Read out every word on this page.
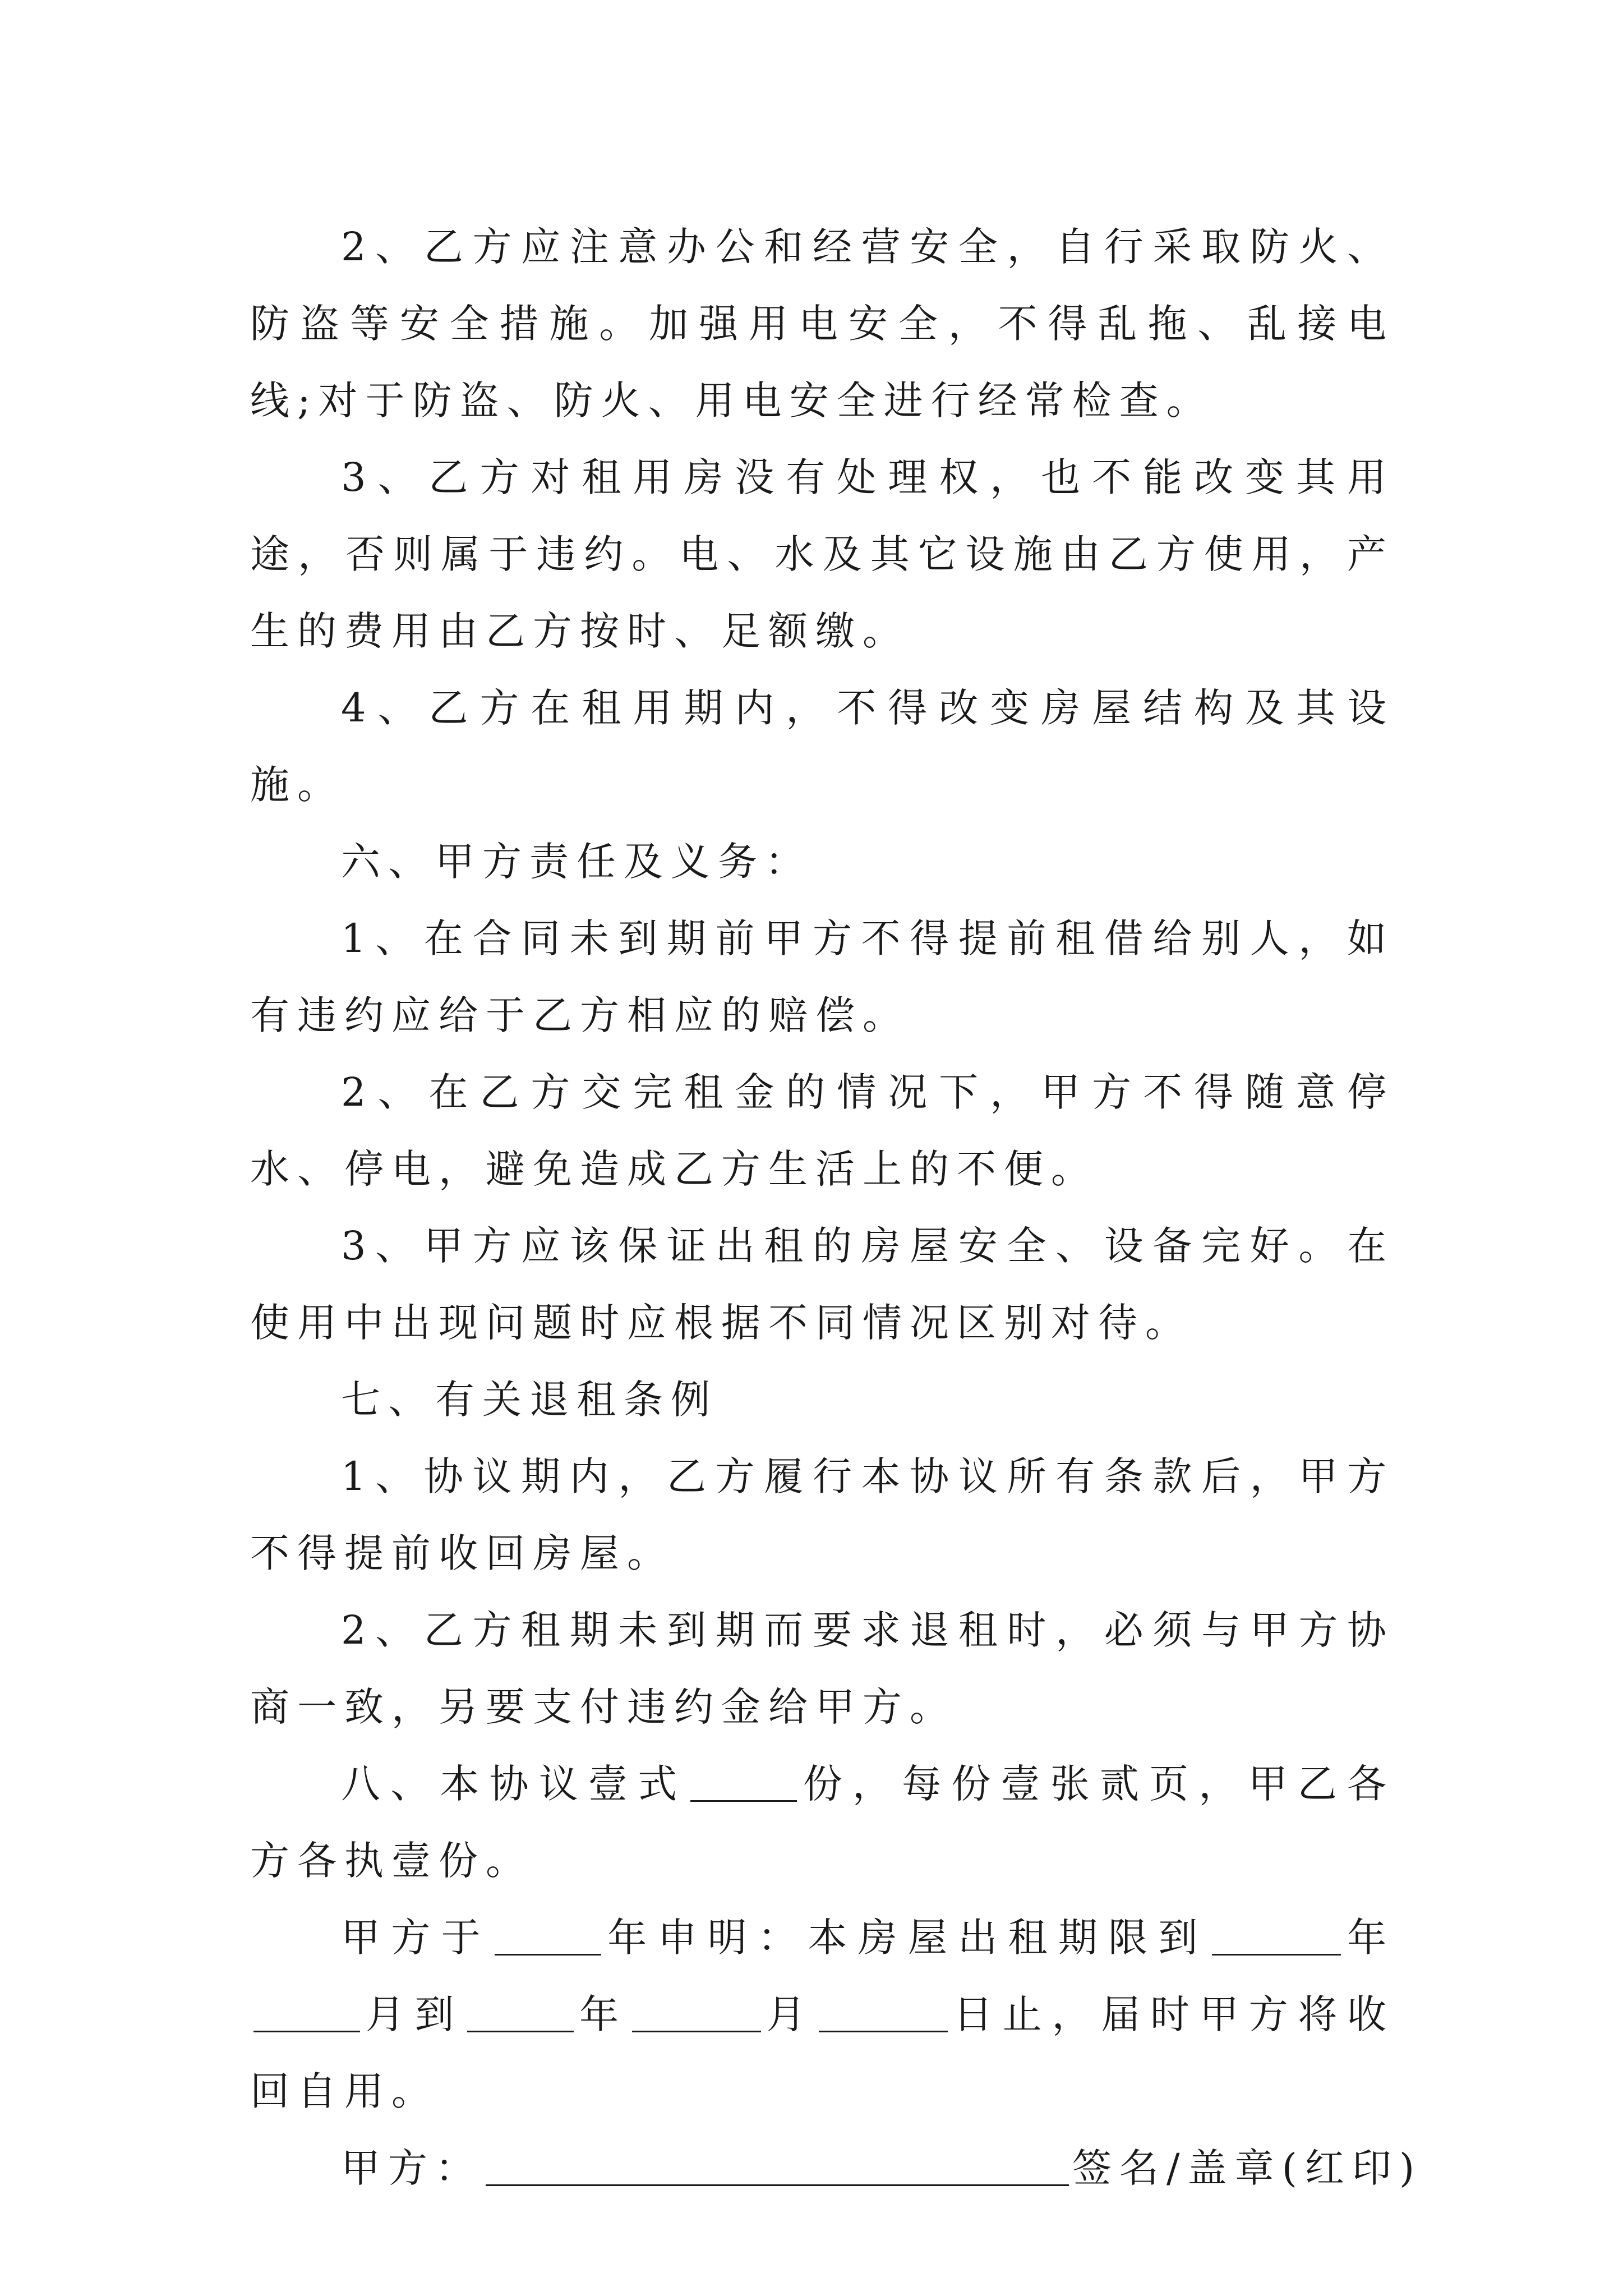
2、乙方应注意办公和经营安全，自行采取防火、防盗等安全措施。加强用电安全，不得乱拖、乱接电线;对于防盗、防火、用电安全进行经常检查。

3、乙方对租用房没有处理权，也不能改变其用途，否则属于违约。电、水及其它设施由乙方使用，产生的费用由乙方按时、足额缴。

4、乙方在租用期内，不得改变房屋结构及其设施。

六、甲方责任及义务：

1、在合同未到期前甲方不得提前租借给别人，如有违约应给于乙方相应的赔偿。

2、在乙方交完租金的情况下，甲方不得随意停水、停电，避免造成乙方生活上的不便。

3、甲方应该保证出租的房屋安全、设备完好。在使用中出现问题时应根据不同情况区别对待。

七、有关退租条例

1、协议期内，乙方履行本协议所有条款后，甲方不得提前收回房屋。

2、乙方租期未到期而要求退租时，必须与甲方协商一致，另要支付违约金给甲方。

八、本协议壹式	份，每份壹张贰页，甲乙各方各执壹份。

甲方于	年申明：本房屋出租期限到	年月到	年	月	日止，届时甲方将收回自用。

甲方：	签名/盖章(红印)
